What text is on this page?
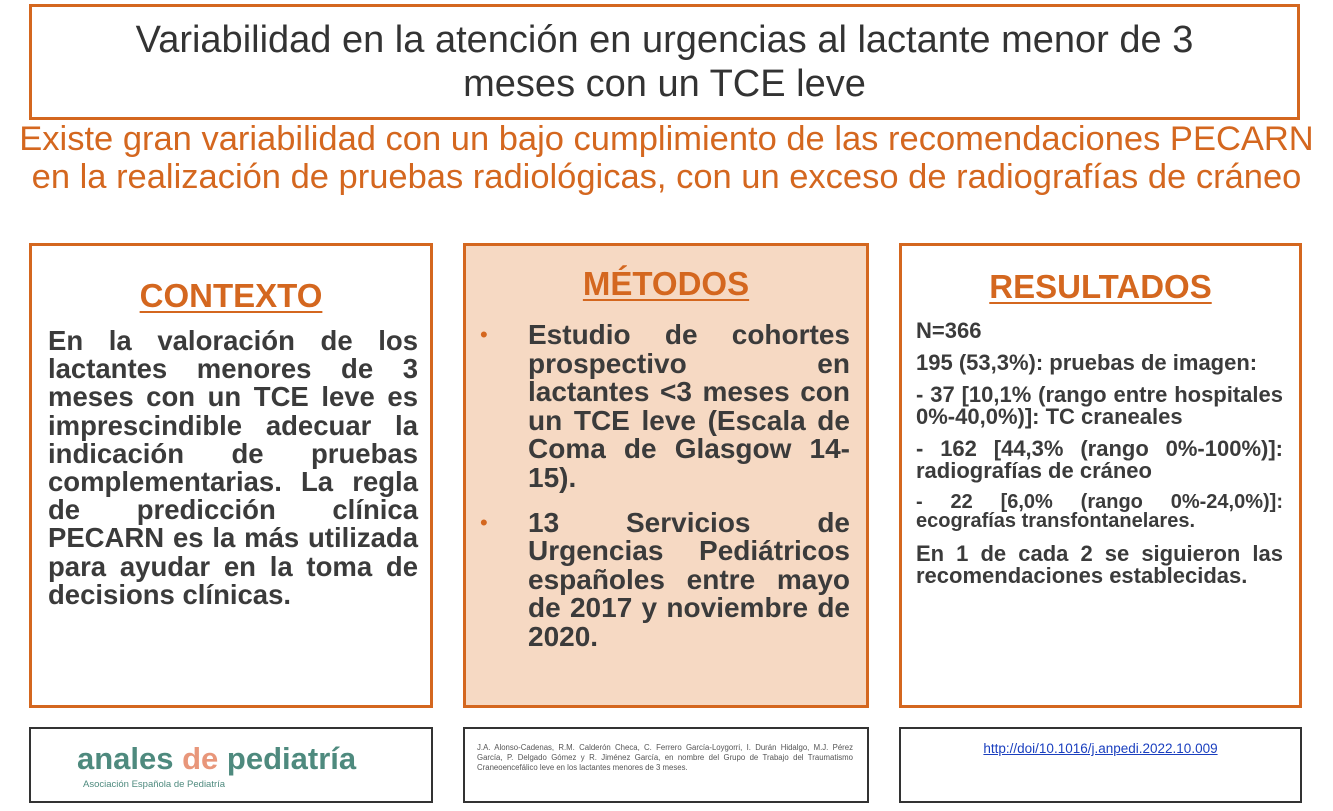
Variabilidad en la atención en urgencias al lactante menor de 3 meses con un TCE leve
Existe gran variabilidad con un bajo cumplimiento de las recomendaciones PECARN en la realización de pruebas radiológicas, con un exceso de radiografías de cráneo
CONTEXTO
En la valoración de los lactantes menores de 3 meses con un TCE leve es imprescindible adecuar la indicación de pruebas complementarias. La regla de predicción clínica PECARN es la más utilizada para ayudar en la toma de decisions clínicas.
MÉTODOS
• Estudio de cohortes prospectivo en lactantes <3 meses con un TCE leve (Escala de Coma de Glasgow 14-15).
• 13 Servicios de Urgencias Pediátricos españoles entre mayo de 2017 y noviembre de 2020.
RESULTADOS
N=366
195 (53,3%): pruebas de imagen:
- 37 [10,1% (rango entre hospitales 0%-40,0%)]: TC craneales
- 162 [44,3% (rango 0%-100%)]: radiografías de cráneo
- 22 [6,0% (rango 0%-24,0%)]: ecografías transfontanelares.
En 1 de cada 2 se siguieron las recomendaciones establecidas.
anales de pediatría
Asociación Española de Pediatría
J.A. Alonso-Cadenas, R.M. Calderón Checa, C. Ferrero García-Loygorri, I. Durán Hidalgo, M.J. Pérez García, P. Delgado Gómez y R. Jiménez García, en nombre del Grupo de Trabajo del Traumatismo Craneoencefálico leve en los lactantes menores de 3 meses.
http://doi/10.1016/j.anpedi.2022.10.009
